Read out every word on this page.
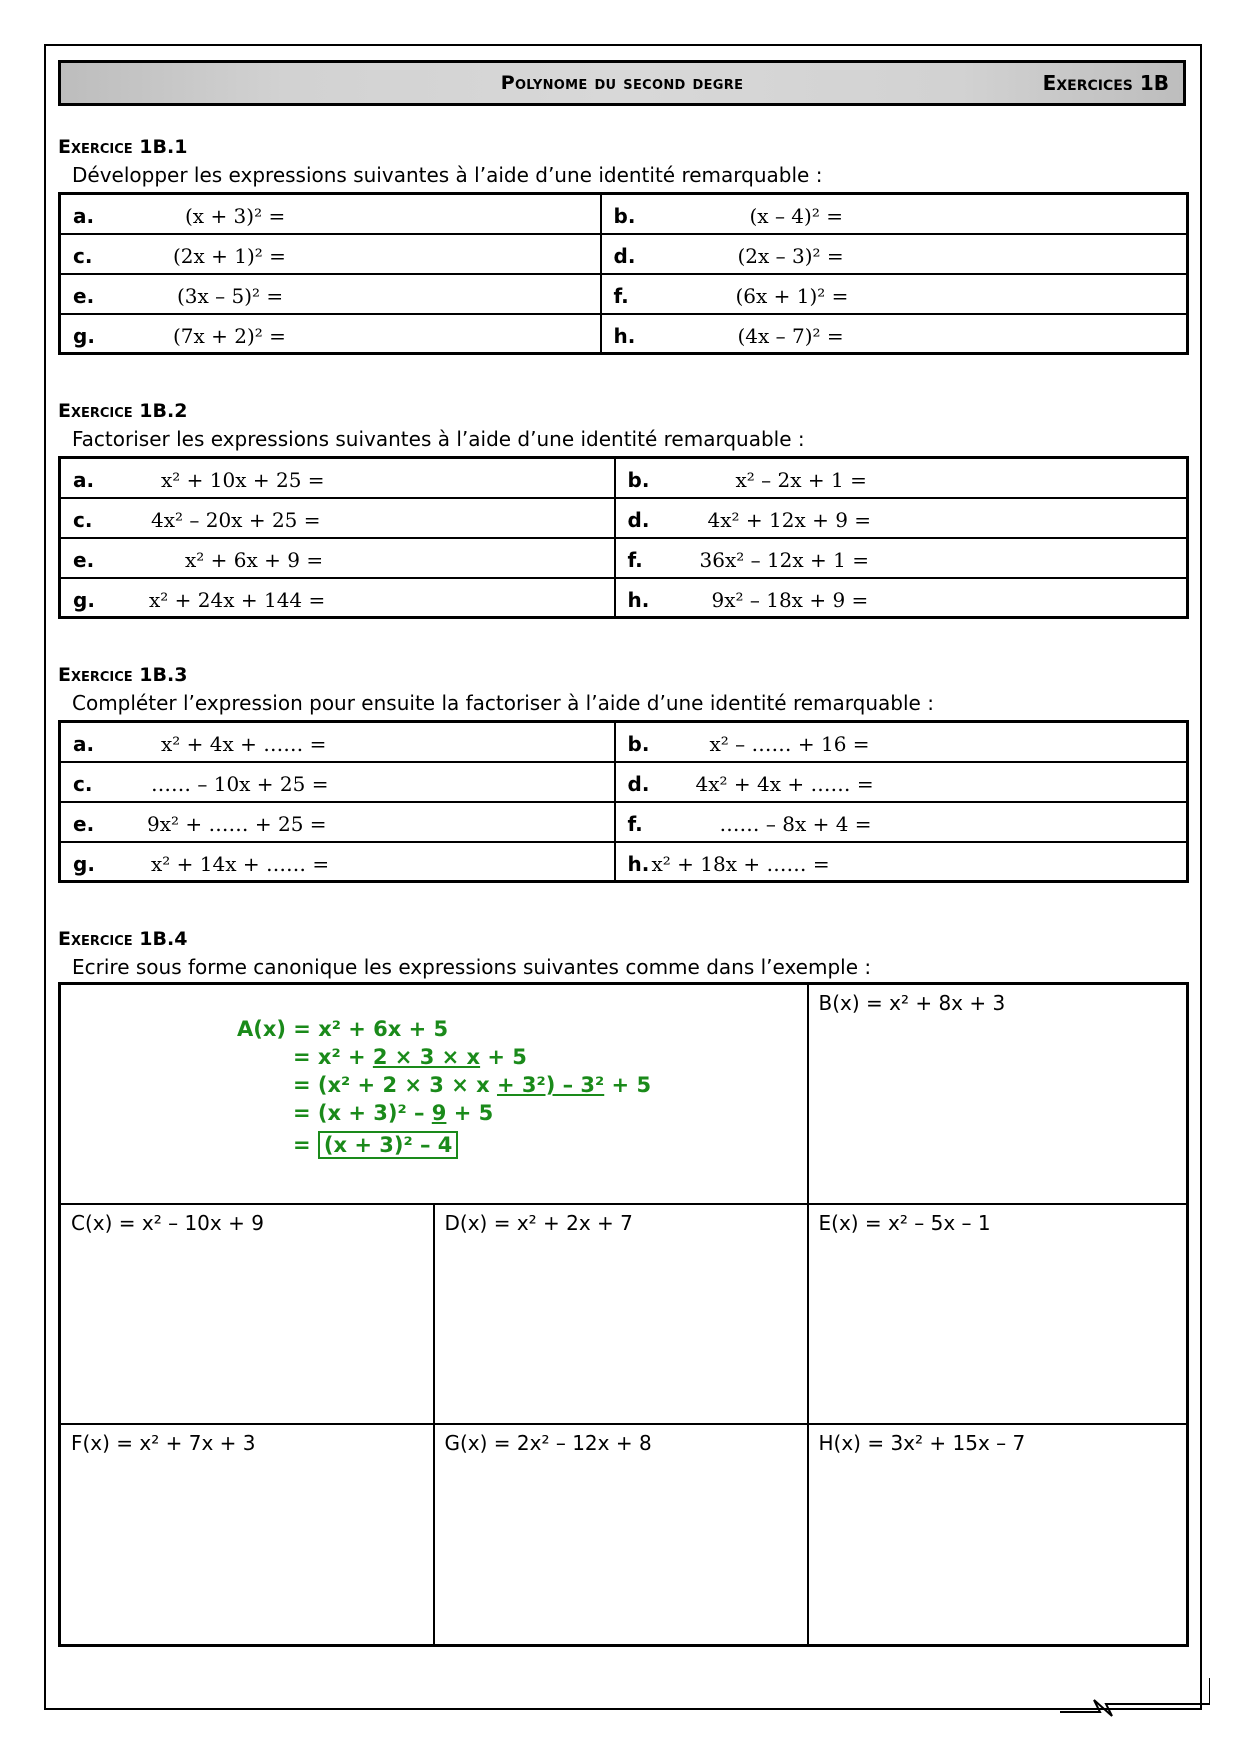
Polynome du second degre	Exercices 1B
Exercice 1B.1
Développer les expressions suivantes à l’aide d’une identité remarquable :
a. (x + 3)² =	b. (x – 4)² =

c. (2x + 1)² =	d. (2x – 3)² =

e. (3x – 5)² =	f. (6x + 1)² =

g. (7x + 2)² =	h. (4x – 7)² =
Exercice 1B.2
Factoriser les expressions suivantes à l’aide d’une identité remarquable :
a. x² + 10x + 25 =	b. x² – 2x + 1 =

c. 4x² – 20x + 25 =	d. 4x² + 12x + 9 =

e. x² + 6x + 9 =	f. 36x² – 12x + 1 =

g. x² + 24x + 144 =	h. 9x² – 18x + 9 =
Exercice 1B.3
Compléter l’expression pour ensuite la factoriser à l’aide d’une identité remarquable :
a. x² + 4x + …… =	b. x² – …… + 16 =

c. …… – 10x + 25 =	d. 4x² + 4x + …… =

e. 9x² + …… + 25 =	f. …… – 8x + 4 =

g. x² + 14x + …… =	h. x² + 18x + …… =
Exercice 1B.4
Ecrire sous forme canonique les expressions suivantes comme dans l’exemple :
A(x) = x² + 6x + 5
= x² + 2 × 3 × x + 5
= (x² + 2 × 3 × x + 3²) – 3² + 5
= (x + 3)² – 9 + 5
= (x + 3)² – 4		B(x) = x² + 8x + 3
C(x) = x² – 10x + 9	D(x) = x² + 2x + 7	E(x) = x² – 5x – 1
F(x) = x² + 7x + 3	G(x) = 2x² – 12x + 8	H(x) = 3x² + 15x – 7
